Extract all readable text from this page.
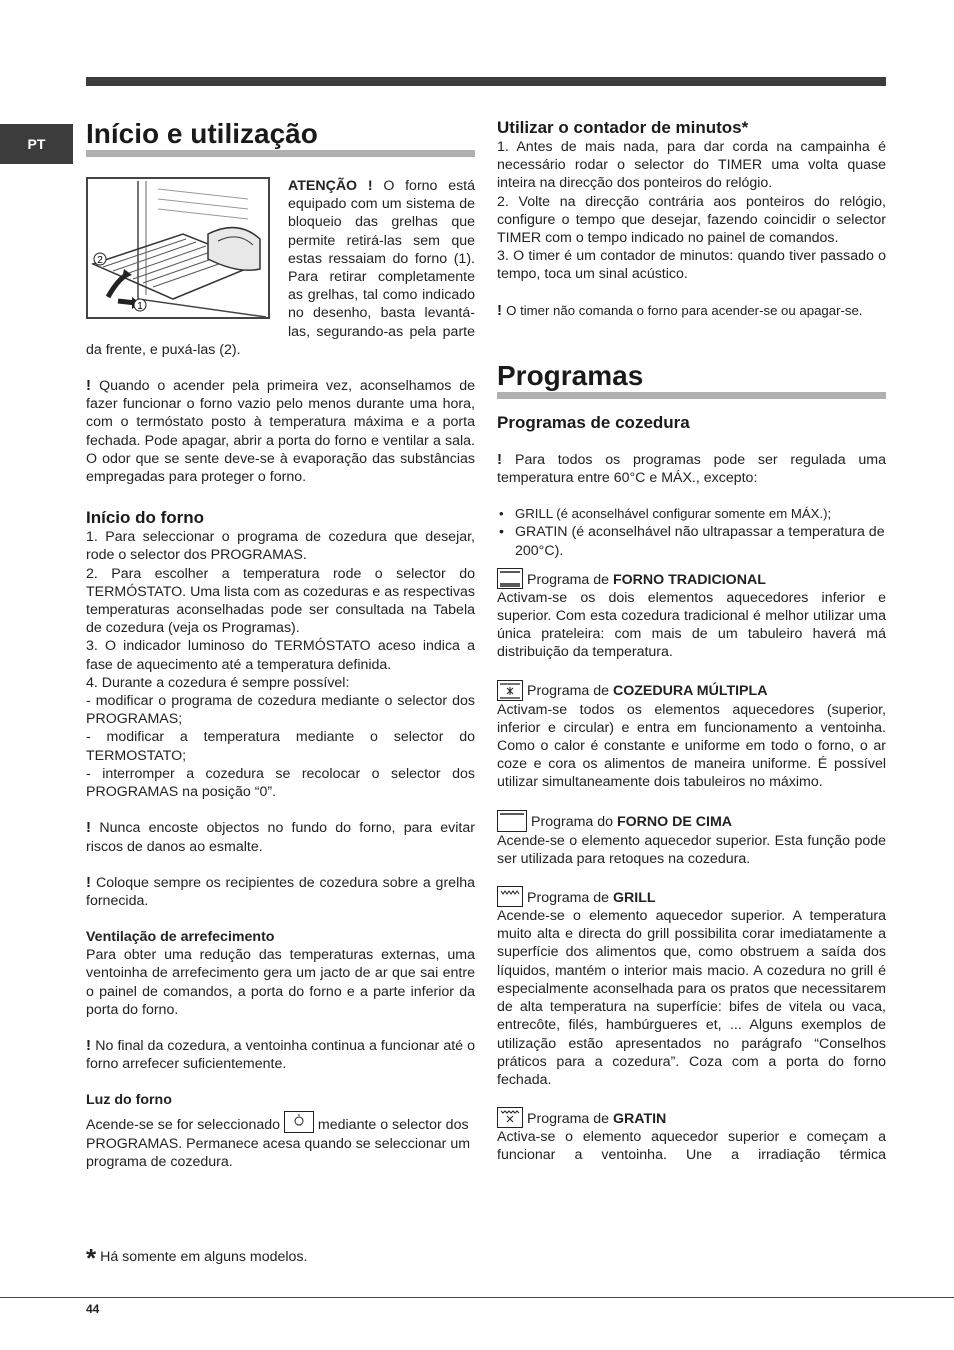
PT	Início e utilização
2
1

ATENÇÃO ! O forno está equipado com um sistema de bloqueio das grelhas que permite retirá-las sem que estas ressaiam do forno (1). Para retirar completamente as grelhas, tal como indicado no desenho, basta levantá-las, segurando-as pela parte da frente, e puxá-las (2).

! Quando o acender pela primeira vez, aconselhamos de fazer funcionar o forno vazio pelo menos durante uma hora, com o termóstato posto à temperatura máxima e a porta fechada. Pode apagar, abrir a porta do forno e ventilar a sala. O odor que se sente deve-se à evaporação das substâncias empregadas para proteger o forno.

Início do forno

1. Para seleccionar o programa de cozedura que desejar, rode o selector dos PROGRAMAS.

2. Para escolher a temperatura rode o selector do TERMÓSTATO. Uma lista com as cozeduras e as respectivas temperaturas aconselhadas pode ser consultada na Tabela de cozedura (veja os Programas).

3. O indicador luminoso do TERMÓSTATO aceso indica a fase de aquecimento até a temperatura definida.

4. Durante a cozedura é sempre possível:

- modificar o programa de cozedura mediante o selector dos PROGRAMAS;

- modificar a temperatura mediante o selector do TERMOSTATO;

- interromper a cozedura se recolocar o selector dos PROGRAMAS na posição “0”.

! Nunca encoste objectos no fundo do forno, para evitar riscos de danos ao esmalte.

! Coloque sempre os recipientes de cozedura sobre a grelha fornecida.

Ventilação de arrefecimento

Para obter uma redução das temperaturas externas, uma ventoinha de arrefecimento gera um jacto de ar que sai entre o painel de comandos, a porta do forno e a parte inferior da porta do forno.

! No final da cozedura, a ventoinha continua a funcionar até o forno arrefecer suficientemente.

Luz do forno

Acende-se se for seleccionado	mediante o selector dos PROGRAMAS. Permanece acesa quando se seleccionar um programa de cozedura.

Utilizar o contador de minutos*

1. Antes de mais nada, para dar corda na campainha é necessário rodar o selector do TIMER uma volta quase inteira na direcção dos ponteiros do relógio.

2. Volte na direcção contrária aos ponteiros do relógio, configure o tempo que desejar, fazendo coincidir o selector TIMER com o tempo indicado no painel de comandos.

3. O timer é um contador de minutos: quando tiver passado o tempo, toca um sinal acústico.

! O timer não comanda o forno para acender-se ou apagar-se.

Programas
Programas de cozedura

! Para todos os programas pode ser regulada uma temperatura entre 60°C e MÁX., excepto:

• GRILL (é aconselhável configurar somente em MÁX.);
• GRATIN (é aconselhável não ultrapassar a temperatura de 200°C).
Programa de FORNO TRADICIONAL

Activam-se os dois elementos aquecedores inferior e superior. Com esta cozedura tradicional é melhor utilizar uma única prateleira: com mais de um tabuleiro haverá má distribuição da temperatura.

Programa de COZEDURA MÚLTIPLA

Activam-se todos os elementos aquecedores (superior, inferior e circular) e entra em funcionamento a ventoinha. Como o calor é constante e uniforme em todo o forno, o ar coze e cora os alimentos de maneira uniforme. É possível utilizar simultaneamente dois tabuleiros no máximo.

Programa do FORNO DE CIMA

Acende-se o elemento aquecedor superior. Esta função pode ser utilizada para retoques na cozedura.

Programa de GRILL

Acende-se o elemento aquecedor superior. A temperatura muito alta e directa do grill possibilita corar imediatamente a superfície dos alimentos que, como obstruem a saída dos líquidos, mantém o interior mais macio. A cozedura no grill é especialmente aconselhada para os pratos que necessitarem de alta temperatura na superfície: bifes de vitela ou vaca, entrecôte, filés, hambúrgueres et, ... Alguns exemplos de utilização estão apresentados no parágrafo “Conselhos práticos para a cozedura”. Coza com a porta do forno fechada.

Programa de GRATIN

Activa-se o elemento aquecedor superior e começam a funcionar a ventoinha. Une a irradiação térmica

* Há somente em alguns modelos.
44
